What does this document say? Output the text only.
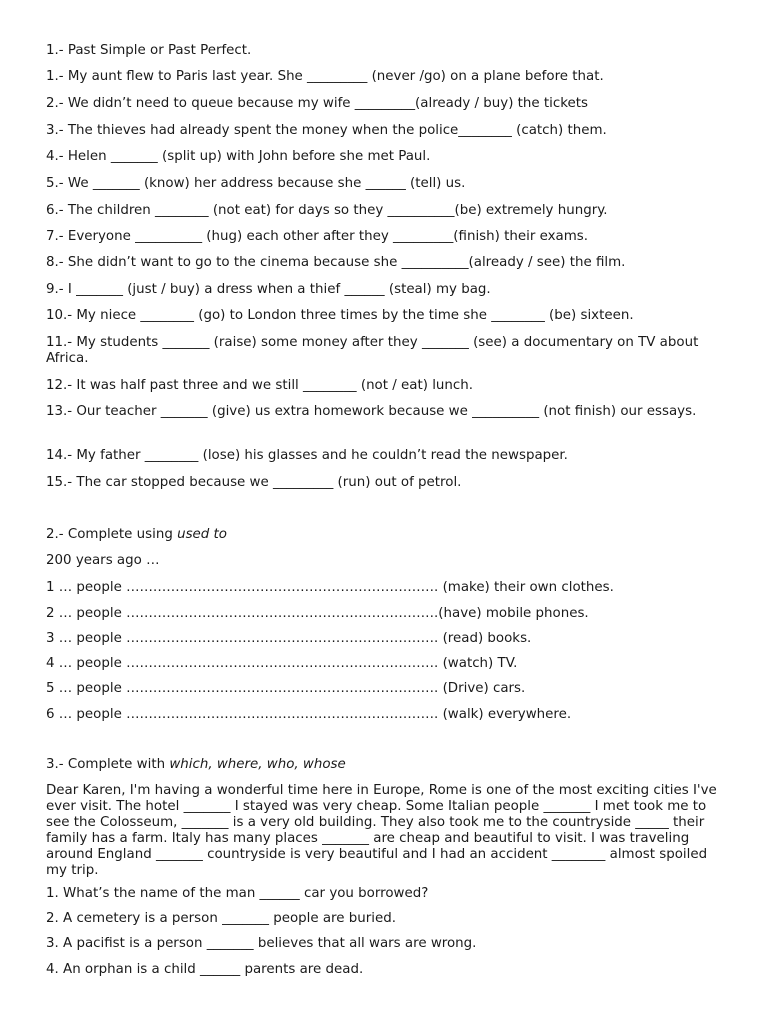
1.- Past Simple or Past Perfect.
1.- My aunt flew to Paris last year. She _________ (never /go) on a plane before that.
2.- We didn’t need to queue because my wife _________(already / buy) the tickets
3.- The thieves had already spent the money when the police________ (catch) them.
4.- Helen _______ (split up) with John before she met Paul.
5.- We _______ (know) her address because she ______ (tell) us.
6.- The children ________ (not eat) for days so they __________(be) extremely hungry.
7.- Everyone __________ (hug) each other after they _________(finish) their exams.
8.- She didn’t want to go to the cinema because she __________(already / see) the film.
9.- I _______ (just / buy) a dress when a thief ______ (steal) my bag.
10.- My niece ________ (go) to London three times by the time she ________ (be) sixteen.
11.- My students _______ (raise) some money after they _______ (see) a documentary on TV about Africa.
12.- It was half past three and we still ________ (not / eat) lunch.
13.- Our teacher _______ (give) us extra homework because we __________ (not finish) our essays.
14.- My father ________ (lose) his glasses and he couldn’t read the newspaper.
15.- The car stopped because we _________ (run) out of petrol.
2.- Complete using used to
200 years ago …
1 … people ……………………………………………………………. (make) their own clothes.
2 … people …………………………………………………………….(have) mobile phones.
3 … people ……………………………………………………………. (read) books.
4 … people ……………………………………………………………. (watch) TV.
5 … people ……………………………………………………………. (Drive) cars.
6 … people ……………………………………………………………. (walk) everywhere.
3.- Complete with which, where, who, whose
Dear Karen, I'm having a wonderful time here in Europe, Rome is one of the most exciting cities I've ever visit. The hotel _______ I stayed was very cheap. Some Italian people _______ I met took me to see the Colosseum, _______ is a very old building. They also took me to the countryside _____ their family has a farm. Italy has many places _______ are cheap and beautiful to visit. I was traveling around England _______ countryside is very beautiful and I had an accident ________ almost spoiled my trip.
1. What’s the name of the man ______ car you borrowed?
2. A cemetery is a person _______ people are buried.
3. A pacifist is a person _______ believes that all wars are wrong.
4. An orphan is a child ______ parents are dead.
